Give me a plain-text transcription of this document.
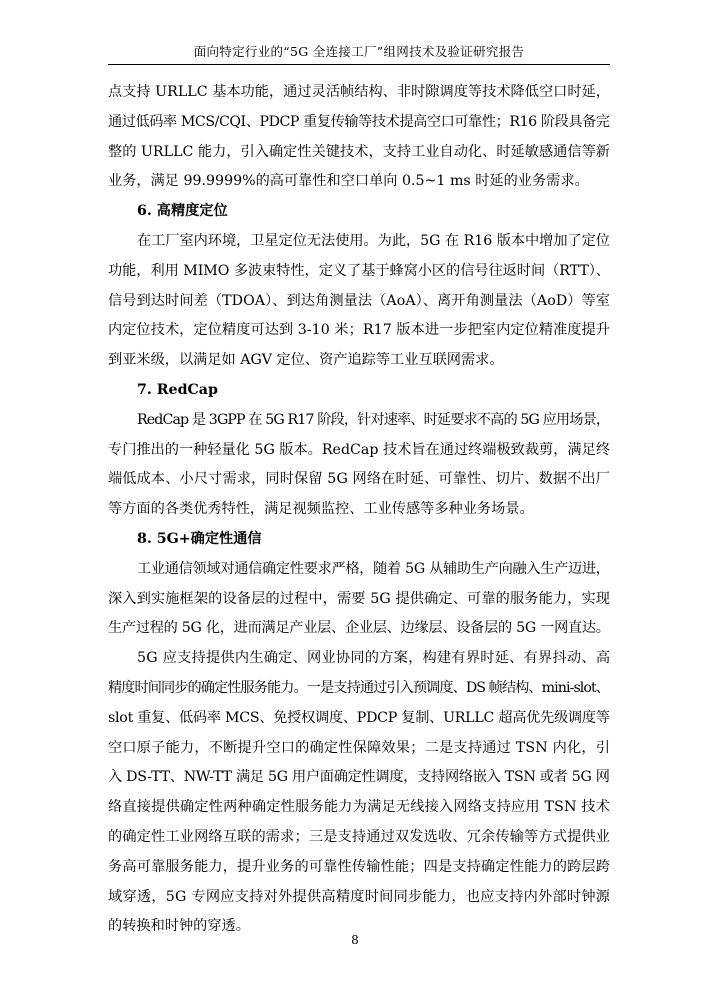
面向特定行业的“5G 全连接工厂”组网技术及验证研究报告

点支持 URLLC 基本功能，通过灵活帧结构、非时隙调度等技术降低空口时延，
通过低码率 MCS/CQI、PDCP 重复传输等技术提高空口可靠性；R16 阶段具备完
整的 URLLC 能力，引入确定性关键技术，支持工业自动化、时延敏感通信等新
业务，满足 99.9999%的高可靠性和空口单向 0.5~1 ms 时延的业务需求。

6. 高精度定位

在工厂室内环境，卫星定位无法使用。为此，5G 在 R16 版本中增加了定位
功能，利用 MIMO 多波束特性，定义了基于蜂窝小区的信号往返时间（RTT）、
信号到达时间差（TDOA）、到达角测量法（AoA）、离开角测量法（AoD）等室
内定位技术，定位精度可达到 3-10 米；R17 版本进一步把室内定位精准度提升
到亚米级，以满足如 AGV 定位、资产追踪等工业互联网需求。

7. RedCap

RedCap 是 3GPP 在 5G R17 阶段，针对速率、时延要求不高的 5G 应用场景，
专门推出的一种轻量化 5G 版本。RedCap 技术旨在通过终端极致裁剪，满足终
端低成本、小尺寸需求，同时保留 5G 网络在时延、可靠性、切片、数据不出厂
等方面的各类优秀特性，满足视频监控、工业传感等多种业务场景。

8. 5G+确定性通信

工业通信领域对通信确定性要求严格，随着 5G 从辅助生产向融入生产迈进，
深入到实施框架的设备层的过程中，需要 5G 提供确定、可靠的服务能力，实现
生产过程的 5G 化，进而满足产业层、企业层、边缘层、设备层的 5G 一网直达。

5G 应支持提供内生确定、网业协同的方案，构建有界时延、有界抖动、高
精度时间同步的确定性服务能力。一是支持通过引入预调度、DS 帧结构、mini-slot、
slot 重复、低码率 MCS、免授权调度、PDCP 复制、URLLC 超高优先级调度等
空口原子能力，不断提升空口的确定性保障效果；二是支持通过 TSN 内化，引
入 DS-TT、NW-TT 满足 5G 用户面确定性调度，支持网络嵌入 TSN 或者 5G 网
络直接提供确定性两种确定性服务能力为满足无线接入网络支持应用 TSN 技术
的确定性工业网络互联的需求；三是支持通过双发选收、冗余传输等方式提供业
务高可靠服务能力，提升业务的可靠性传输性能；四是支持确定性能力的跨层跨
域穿透，5G 专网应支持对外提供高精度时间同步能力，也应支持内外部时钟源
的转换和时钟的穿透。

8
